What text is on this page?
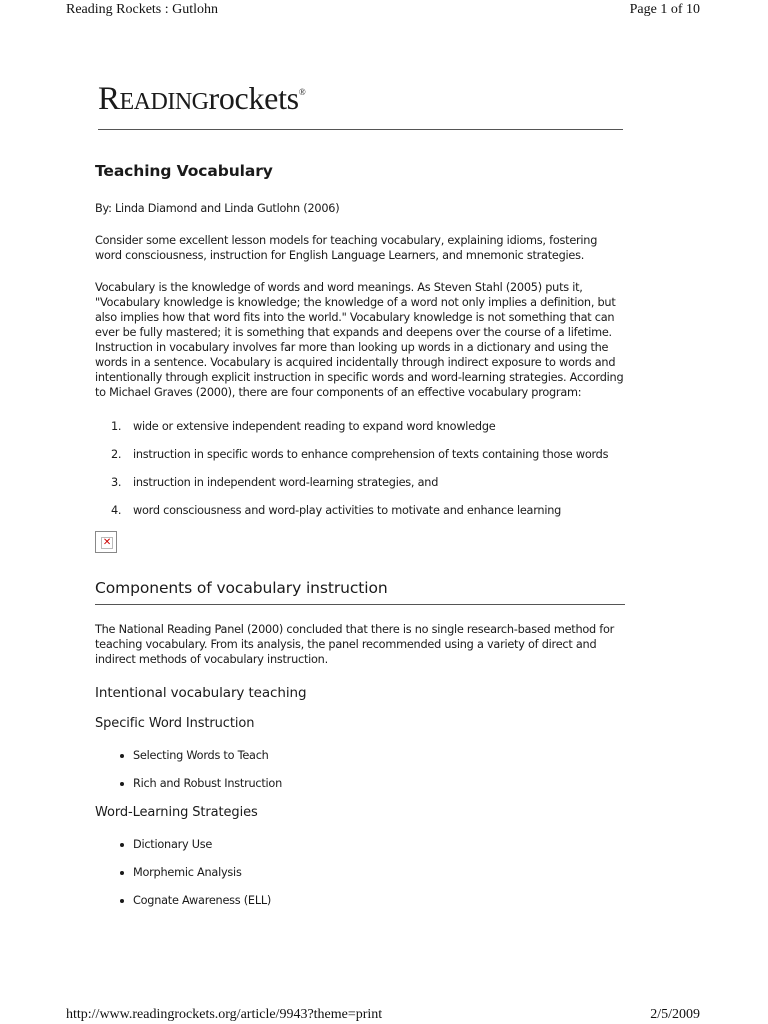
Reading Rockets : Gutlohn	Page 1 of 10
READINGrockets®
Teaching Vocabulary

By: Linda Diamond and Linda Gutlohn (2006)

Consider some excellent lesson models for teaching vocabulary, explaining idioms, fostering word consciousness, instruction for English Language Learners, and mnemonic strategies.

Vocabulary is the knowledge of words and word meanings. As Steven Stahl (2005) puts it, "Vocabulary knowledge is knowledge; the knowledge of a word not only implies a definition, but also implies how that word fits into the world." Vocabulary knowledge is not something that can ever be fully mastered; it is something that expands and deepens over the course of a lifetime. Instruction in vocabulary involves far more than looking up words in a dictionary and using the words in a sentence. Vocabulary is acquired incidentally through indirect exposure to words and intentionally through explicit instruction in specific words and word-learning strategies. According to Michael Graves (2000), there are four components of an effective vocabulary program:

1.	wide or extensive independent reading to expand word knowledge
2.	instruction in specific words to enhance comprehension of texts containing those words
3.	instruction in independent word-learning strategies, and
4.	word consciousness and word-play activities to motivate and enhance learning
✕
Components of vocabulary instruction

The National Reading Panel (2000) concluded that there is no single research-based method for teaching vocabulary. From its analysis, the panel recommended using a variety of direct and indirect methods of vocabulary instruction.

Intentional vocabulary teaching
Specific Word Instruction
Selecting Words to Teach
Rich and Robust Instruction
Word-Learning Strategies
Dictionary Use
Morphemic Analysis
Cognate Awareness (ELL)
http://www.readingrockets.org/article/9943?theme=print	2/5/2009
